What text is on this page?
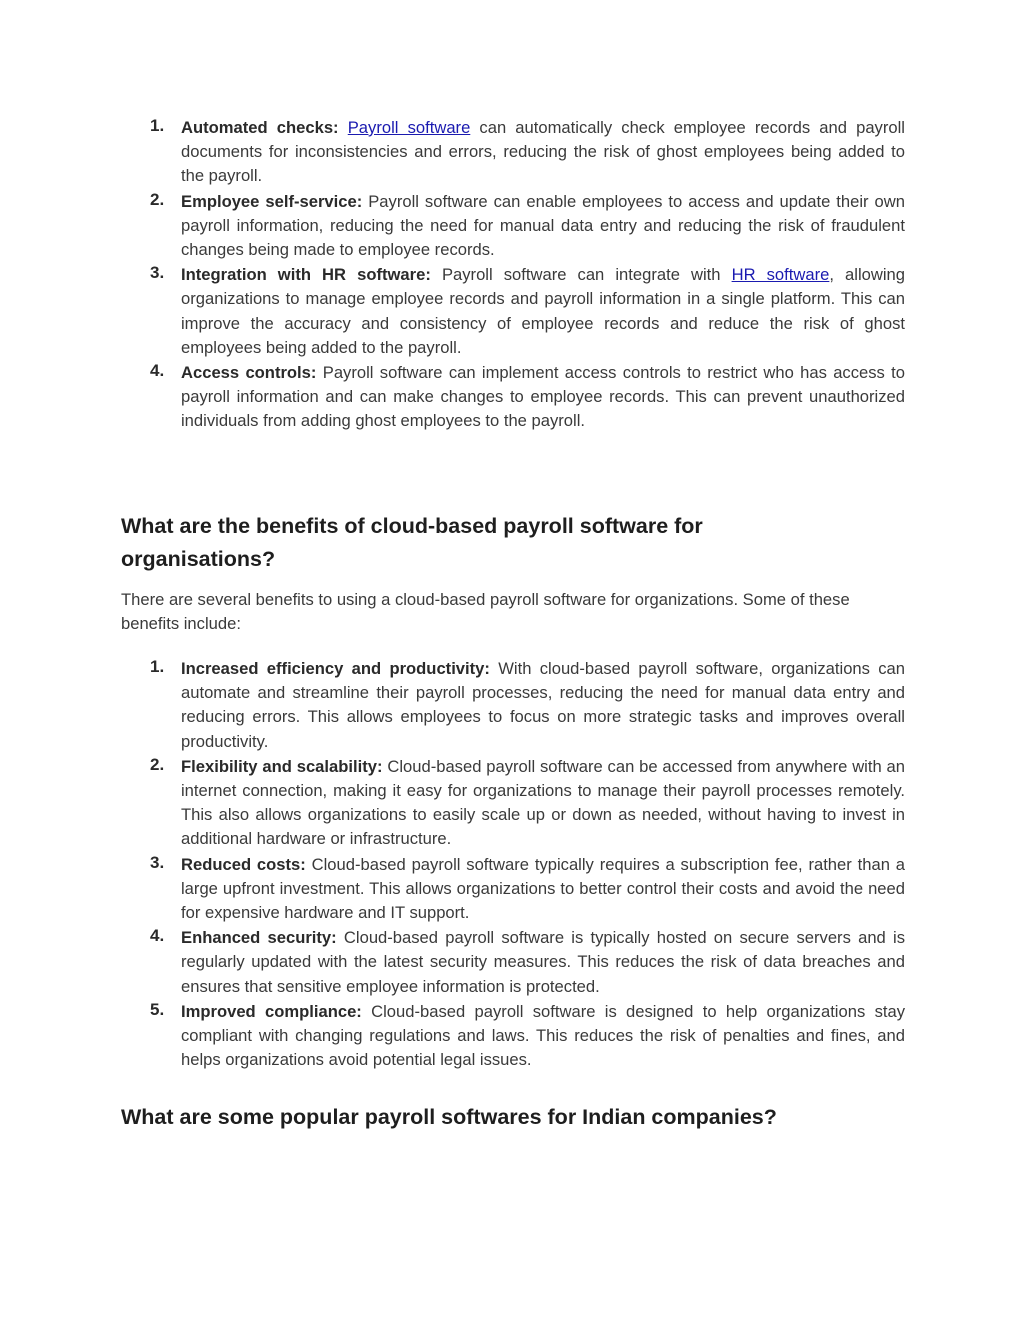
1. Automated checks: Payroll software can automatically check employee records and payroll documents for inconsistencies and errors, reducing the risk of ghost employees being added to the payroll.
2. Employee self-service: Payroll software can enable employees to access and update their own payroll information, reducing the need for manual data entry and reducing the risk of fraudulent changes being made to employee records.
3. Integration with HR software: Payroll software can integrate with HR software, allowing organizations to manage employee records and payroll information in a single platform. This can improve the accuracy and consistency of employee records and reduce the risk of ghost employees being added to the payroll.
4. Access controls: Payroll software can implement access controls to restrict who has access to payroll information and can make changes to employee records. This can prevent unauthorized individuals from adding ghost employees to the payroll.
What are the benefits of cloud-based payroll software for organisations?

There are several benefits to using a cloud-based payroll software for organizations. Some of these benefits include:

1. Increased efficiency and productivity: With cloud-based payroll software, organizations can automate and streamline their payroll processes, reducing the need for manual data entry and reducing errors. This allows employees to focus on more strategic tasks and improves overall productivity.
2. Flexibility and scalability: Cloud-based payroll software can be accessed from anywhere with an internet connection, making it easy for organizations to manage their payroll processes remotely. This also allows organizations to easily scale up or down as needed, without having to invest in additional hardware or infrastructure.
3. Reduced costs: Cloud-based payroll software typically requires a subscription fee, rather than a large upfront investment. This allows organizations to better control their costs and avoid the need for expensive hardware and IT support.
4. Enhanced security: Cloud-based payroll software is typically hosted on secure servers and is regularly updated with the latest security measures. This reduces the risk of data breaches and ensures that sensitive employee information is protected.
5. Improved compliance: Cloud-based payroll software is designed to help organizations stay compliant with changing regulations and laws. This reduces the risk of penalties and fines, and helps organizations avoid potential legal issues.
What are some popular payroll softwares for Indian companies?
